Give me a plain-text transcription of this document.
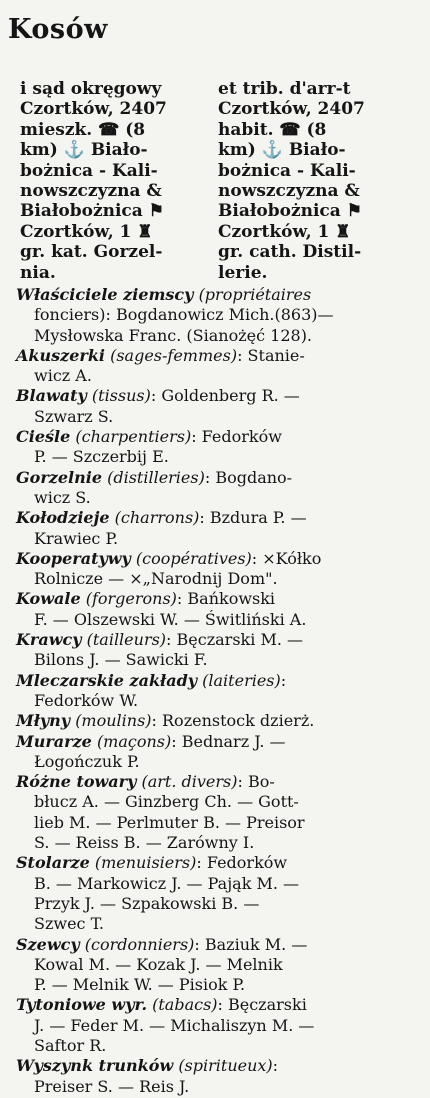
Kosów
i sąd okręgowy
Czortków, 2407
mieszk. ☎ (8
km) ⚓ Biało-
bożnica - Kali-
nowszczyzna &
Białobożnica ⚑
Czortków, 1 ♜
gr. kat. Gorzel-
nia.
et trib. d'arr-t
Czortków, 2407
habit. ☎ (8
km) ⚓ Biało-
bożnica - Kali-
nowszczyzna &
Białobożnica ⚑
Czortków, 1 ♜
gr. cath. Distil-
lerie.
Właściciele ziemscy (propriétaires
fonciers): Bogdanowicz Mich.(863)—
Mysłowska Franc. (Sianożęć 128).
Akuszerki (sages-femmes): Stanie-
wicz A.
Blawaty (tissus): Goldenberg R. —
Szwarz S.
Cieśle (charpentiers): Fedorków
P. — Szczerbij E.
Gorzelnie (distilleries): Bogdano-
wicz S.
Kołodzieje (charrons): Bzdura P. —
Krawiec P.
Kooperatywy (coopératives): ×Kółko
Rolnicze — ×„Narodnij Dom".
Kowale (forgerons): Bańkowski
F. — Olszewski W. — Świtliński A.
Krawcy (tailleurs): Bęczarski M. —
Bilons J. — Sawicki F.
Mleczarskie zakłady (laiteries):
Fedorków W.
Młyny (moulins): Rozenstock dzierż.
Murarze (maçons): Bednarz J. —
Łogończuk P.
Różne towary (art. divers): Bo-
błucz A. — Ginzberg Ch. — Gott-
lieb M. — Perlmuter B. — Preisor
S. — Reiss B. — Zarówny I.
Stolarze (menuisiers): Fedorków
B. — Markowicz J. — Pająk M. —
Przyk J. — Szpakowski B. —
Szwec T.
Szewcy (cordonniers): Baziuk M. —
Kowal M. — Kozak J. — Melnik
P. — Melnik W. — Pisiok P.
Tytoniowe wyr. (tabacs): Bęczarski
J. — Feder M. — Michaliszyn M. —
Saftor R.
Wyszynk trunków (spiritueux):
Preiser S. — Reis J.
